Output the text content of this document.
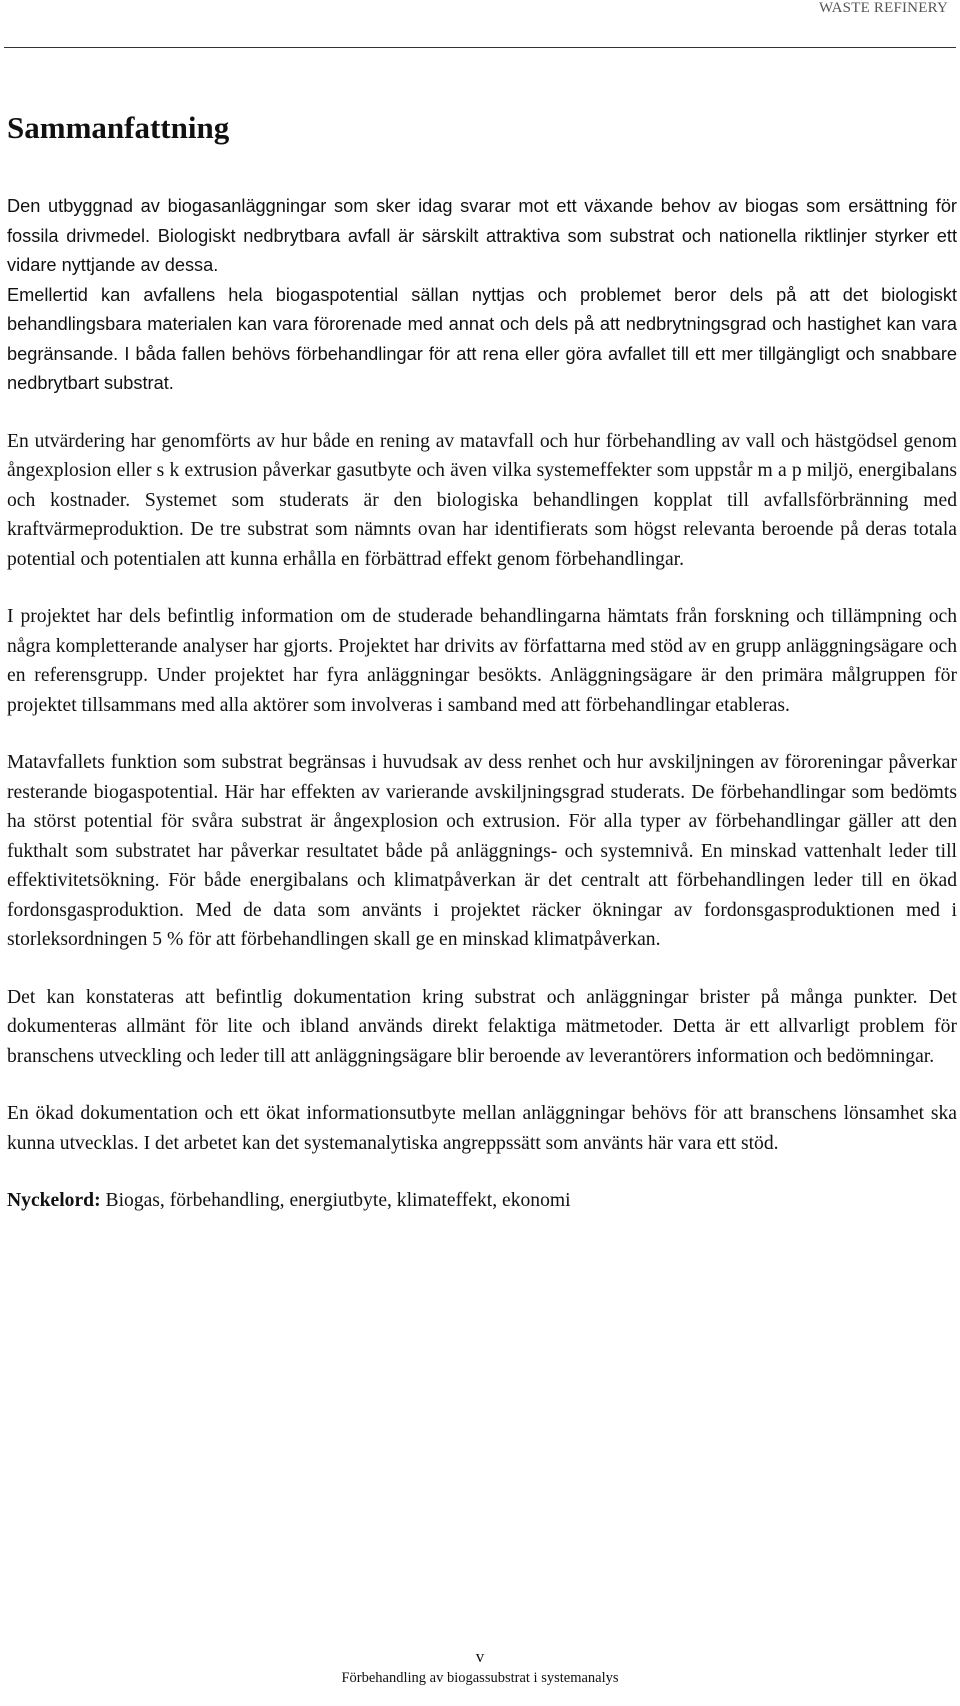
WASTE REFINERY
Sammanfattning

Den utbyggnad av biogasanläggningar som sker idag svarar mot ett växande behov av biogas som ersättning för fossila drivmedel. Biologiskt nedbrytbara avfall är särskilt attraktiva som substrat och nationella riktlinjer styrker ett vidare nyttjande av dessa.

Emellertid kan avfallens hela biogaspotential sällan nyttjas och problemet beror dels på att det biologiskt behandlingsbara materialen kan vara förorenade med annat och dels på att nedbrytningsgrad och hastighet kan vara begränsande. I båda fallen behövs förbehandlingar för att rena eller göra avfallet till ett mer tillgängligt och snabbare nedbrytbart substrat.

En utvärdering har genomförts av hur både en rening av matavfall och hur förbehandling av vall och hästgödsel genom ångexplosion eller s k extrusion påverkar gasutbyte och även vilka systemeffekter som uppstår m a p miljö, energibalans och kostnader. Systemet som studerats är den biologiska behandlingen kopplat till avfallsförbränning med kraftvärmeproduktion. De tre substrat som nämnts ovan har identifierats som högst relevanta beroende på deras totala potential och potentialen att kunna erhålla en förbättrad effekt genom förbehandlingar.

I projektet har dels befintlig information om de studerade behandlingarna hämtats från forskning och tillämpning och några kompletterande analyser har gjorts. Projektet har drivits av författarna med stöd av en grupp anläggningsägare och en referensgrupp. Under projektet har fyra anläggningar besökts. Anläggningsägare är den primära målgruppen för projektet tillsammans med alla aktörer som involveras i samband med att förbehandlingar etableras.

Matavfallets funktion som substrat begränsas i huvudsak av dess renhet och hur avskiljningen av föroreningar påverkar resterande biogaspotential. Här har effekten av varierande avskiljningsgrad studerats. De förbehandlingar som bedömts ha störst potential för svåra substrat är ångexplosion och extrusion. För alla typer av förbehandlingar gäller att den fukthalt som substratet har påverkar resultatet både på anläggnings- och systemnivå. En minskad vattenhalt leder till effektivitetsökning. För både energibalans och klimatpåverkan är det centralt att förbehandlingen leder till en ökad fordonsgasproduktion. Med de data som använts i projektet räcker ökningar av fordonsgasproduktionen med i storleksordningen 5 % för att förbehandlingen skall ge en minskad klimatpåverkan.

Det kan konstateras att befintlig dokumentation kring substrat och anläggningar brister på många punkter. Det dokumenteras allmänt för lite och ibland används direkt felaktiga mätmetoder. Detta är ett allvarligt problem för branschens utveckling och leder till att anläggningsägare blir beroende av leverantörers information och bedömningar.

En ökad dokumentation och ett ökat informationsutbyte mellan anläggningar behövs för att branschens lönsamhet ska kunna utvecklas. I det arbetet kan det systemanalytiska angreppssätt som använts här vara ett stöd.

Nyckelord: Biogas, förbehandling, energiutbyte, klimateffekt, ekonomi

v
Förbehandling av biogassubstrat i systemanalys
